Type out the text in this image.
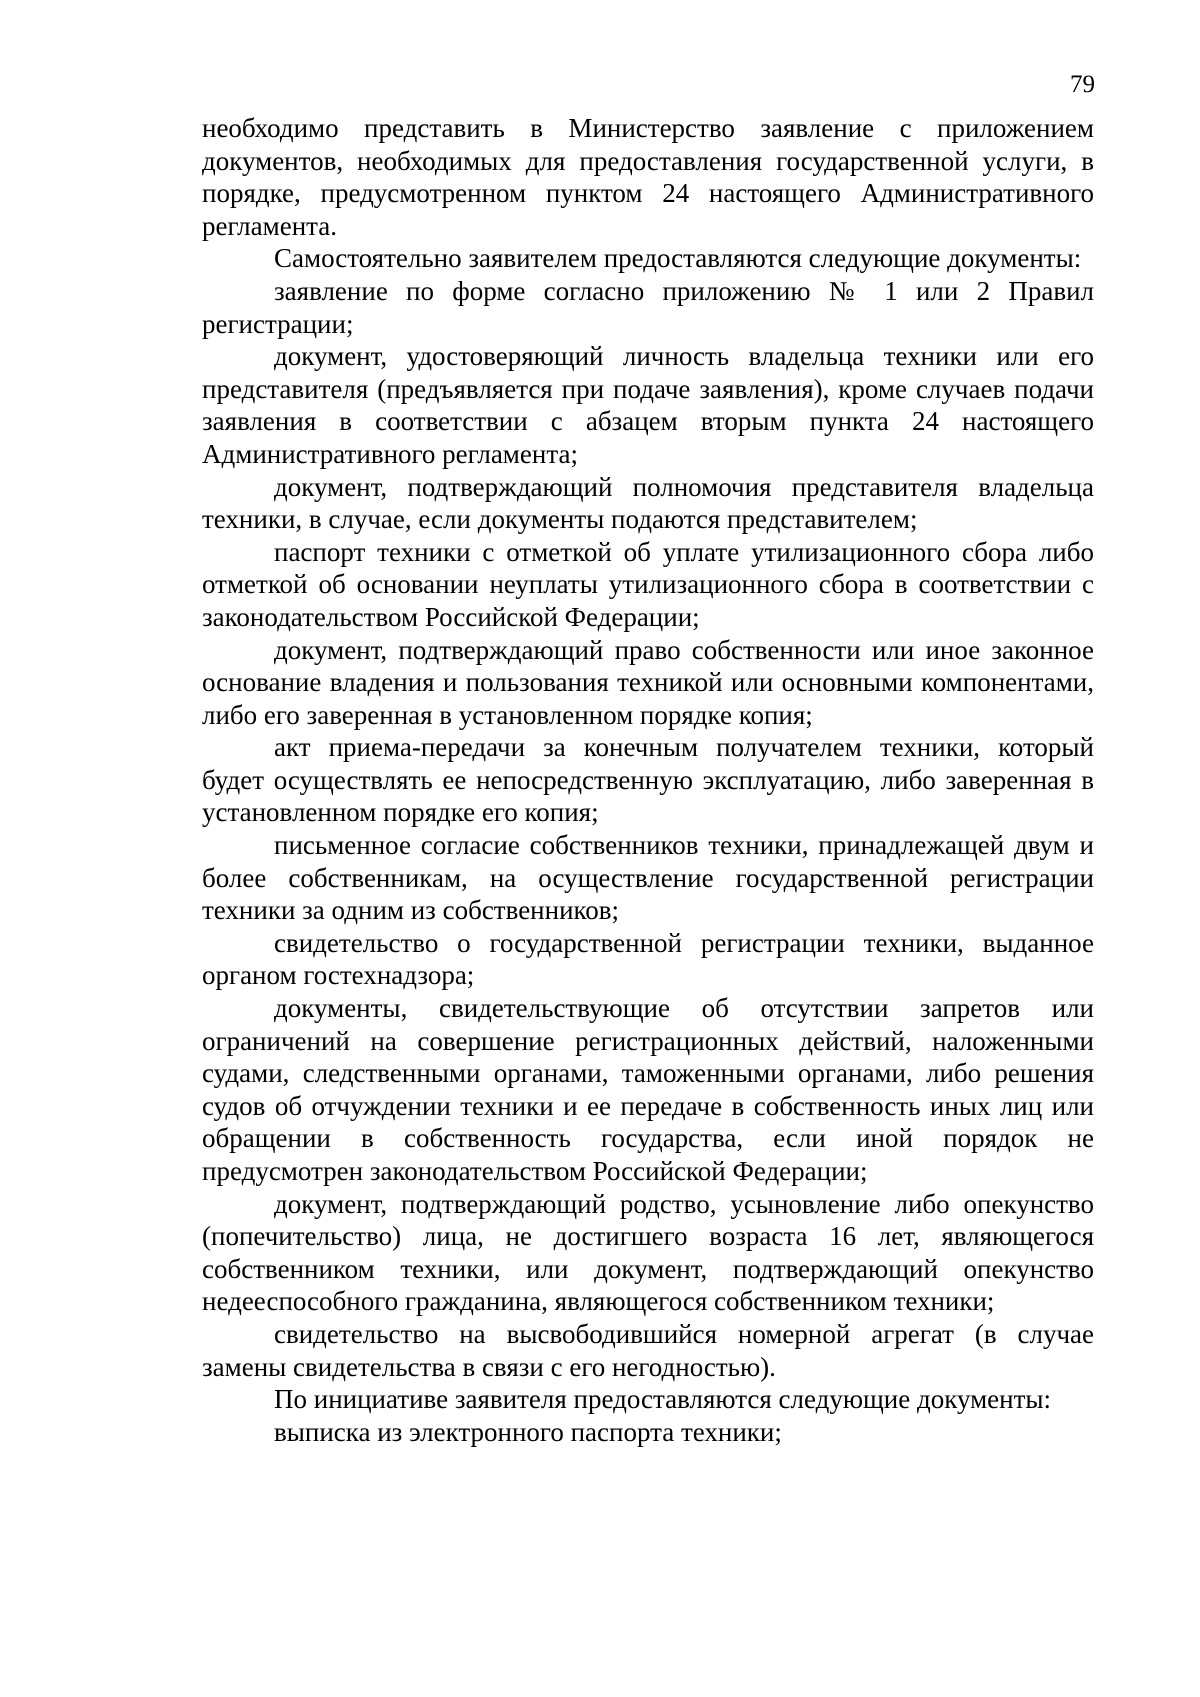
79

необходимо представить в Министерство заявление с приложением документов, необходимых для предоставления государственной услуги, в порядке, предусмотренном пунктом 24 настоящего Административного регламента.

Самостоятельно заявителем предоставляются следующие документы:

заявление по форме согласно приложению № 1 или 2 Правил регистрации;

документ, удостоверяющий личность владельца техники или его представителя (предъявляется при подаче заявления), кроме случаев подачи заявления в соответствии с абзацем вторым пункта 24 настоящего Административного регламента;

документ, подтверждающий полномочия представителя владельца техники, в случае, если документы подаются представителем;

паспорт техники с отметкой об уплате утилизационного сбора либо отметкой об основании неуплаты утилизационного сбора в соответствии с законодательством Российской Федерации;

документ, подтверждающий право собственности или иное законное основание владения и пользования техникой или основными компонентами, либо его заверенная в установленном порядке копия;

акт приема-передачи за конечным получателем техники, который будет осуществлять ее непосредственную эксплуатацию, либо заверенная в установленном порядке его копия;

письменное согласие собственников техники, принадлежащей двум и более собственникам, на осуществление государственной регистрации техники за одним из собственников;

свидетельство о государственной регистрации техники, выданное органом гостехнадзора;

документы, свидетельствующие об отсутствии запретов или ограничений на совершение регистрационных действий, наложенными судами, следственными органами, таможенными органами, либо решения судов об отчуждении техники и ее передаче в собственность иных лиц или обращении в собственность государства, если иной порядок не предусмотрен законодательством Российской Федерации;

документ, подтверждающий родство, усыновление либо опекунство (попечительство) лица, не достигшего возраста 16 лет, являющегося собственником техники, или документ, подтверждающий опекунство недееспособного гражданина, являющегося собственником техники;

свидетельство на высвободившийся номерной агрегат (в случае замены свидетельства в связи с его негодностью).

По инициативе заявителя предоставляются следующие документы:

выписка из электронного паспорта техники;
